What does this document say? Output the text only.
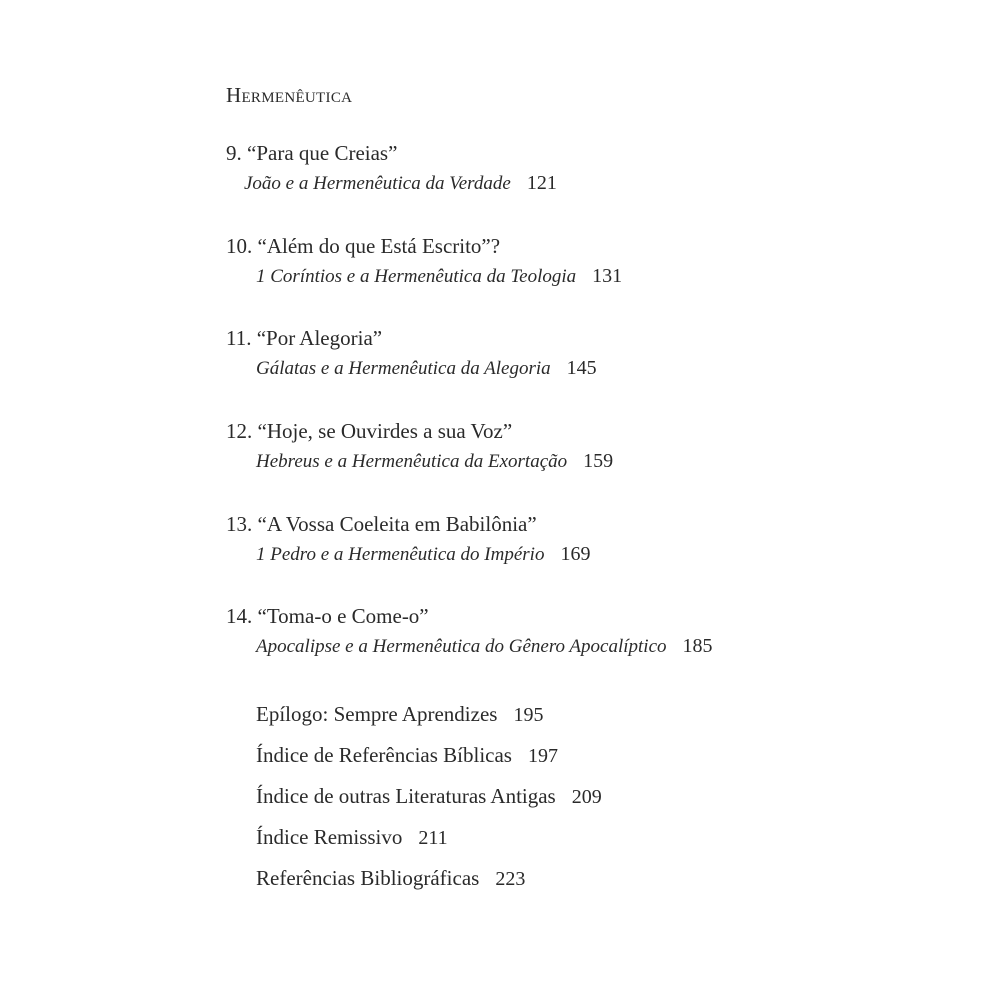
Hermenêutica
9. “Para que Creias”
João e a Hermenêutica da Verdade 121
10. “Além do que Está Escrito”?
1 Coríntios e a Hermenêutica da Teologia 131
11. “Por Alegoria”
Gálatas e a Hermenêutica da Alegoria 145
12. “Hoje, se Ouvirdes a sua Voz”
Hebreus e a Hermenêutica da Exortação 159
13. “A Vossa Coeleita em Babilônia”
1 Pedro e a Hermenêutica do Império 169
14. “Toma-o e Come-o”
Apocalipse e a Hermenêutica do Gênero Apocalíptico 185
Epílogo: Sempre Aprendizes 195
Índice de Referências Bíblicas 197
Índice de outras Literaturas Antigas 209
Índice Remissivo 211
Referências Bibliográficas 223
